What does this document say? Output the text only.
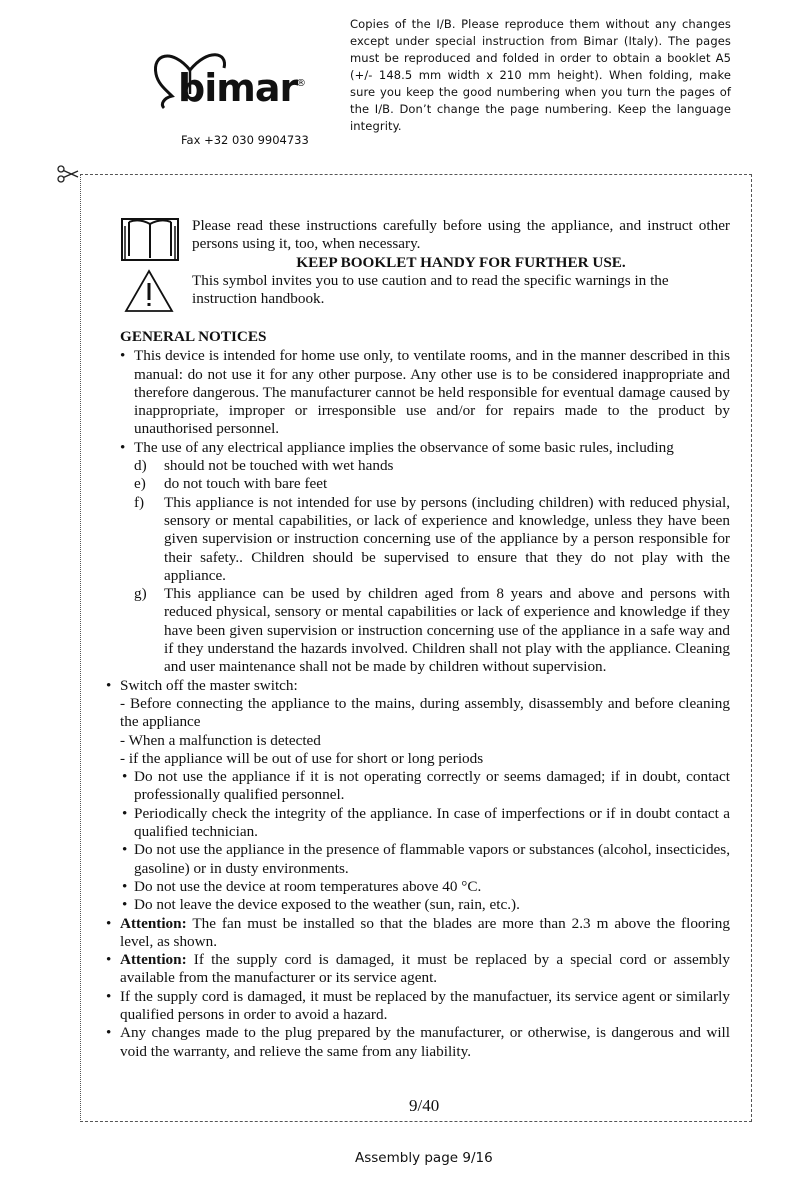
bimar
®
Fax +32 030 9904733
Copies of the I/B. Please reproduce them without any changes except under special instruction from Bimar (Italy). The pages must be reproduced and folded in order to obtain a booklet A5 (+/- 148.5 mm width x 210 mm height). When folding, make sure you keep the good numbering when you turn the pages of the I/B. Don’t change the page numbering. Keep the language integrity.

Please read these instructions carefully before using the appliance, and instruct other persons using it, too, when necessary.

KEEP BOOKLET HANDY FOR FURTHER USE.

This symbol invites you to use caution and to read the specific warnings in the instruction handbook.

GENERAL NOTICES
• This device is intended for home use only, to ventilate rooms, and in the manner described in this manual: do not use it for any other purpose. Any other use is to be considered inappropriate and therefore dangerous. The manufacturer cannot be held responsible for eventual damage caused by inappropriate, improper or irresponsible use and/or for repairs made to the product by unauthorised personnel.
• The use of any electrical appliance implies the observance of some basic rules, including
d) should not be touched with wet hands
e) do not touch with bare feet
f) This appliance is not intended for use by persons (including children) with reduced physial, sensory or mental capabilities, or lack of experience and knowledge, unless they have been given supervision or instruction concerning use of the appliance by a person responsible for their safety.. Children should be supervised to ensure that they do not play with the appliance.
g) This appliance can be used by children aged from 8 years and above and persons with reduced physical, sensory or mental capabilities or lack of experience and knowledge if they have been given supervision or instruction concerning use of the appliance in a safe way and if they understand the hazards involved. Children shall not play with the appliance. Cleaning and user maintenance shall not be made by children without supervision.
• Switch off the master switch:
- Before connecting the appliance to the mains, during assembly, disassembly and before cleaning the appliance
- When a malfunction is detected
- if the appliance will be out of use for short or long periods
• Do not use the appliance if it is not operating correctly or seems damaged; if in doubt, contact professionally qualified personnel.
• Periodically check the integrity of the appliance. In case of imperfections or if in doubt contact a qualified technician.
• Do not use the appliance in the presence of flammable vapors or substances (alcohol, insecticides, gasoline) or in dusty environments.
• Do not use the device at room temperatures above 40 °C.
• Do not leave the device exposed to the weather (sun, rain, etc.).
• Attention: The fan must be installed so that the blades are more than 2.3 m above the flooring level, as shown.
• Attention: If the supply cord is damaged, it must be replaced by a special cord or assembly available from the manufacturer or its service agent.
• If the supply cord is damaged, it must be replaced by the manufactuer, its service agent or similarly qualified persons in order to avoid a hazard.
• Any changes made to the plug prepared by the manufacturer, or otherwise, is dangerous and will void the warranty, and relieve the same from any liability.
9/40
Assembly page 9/16
